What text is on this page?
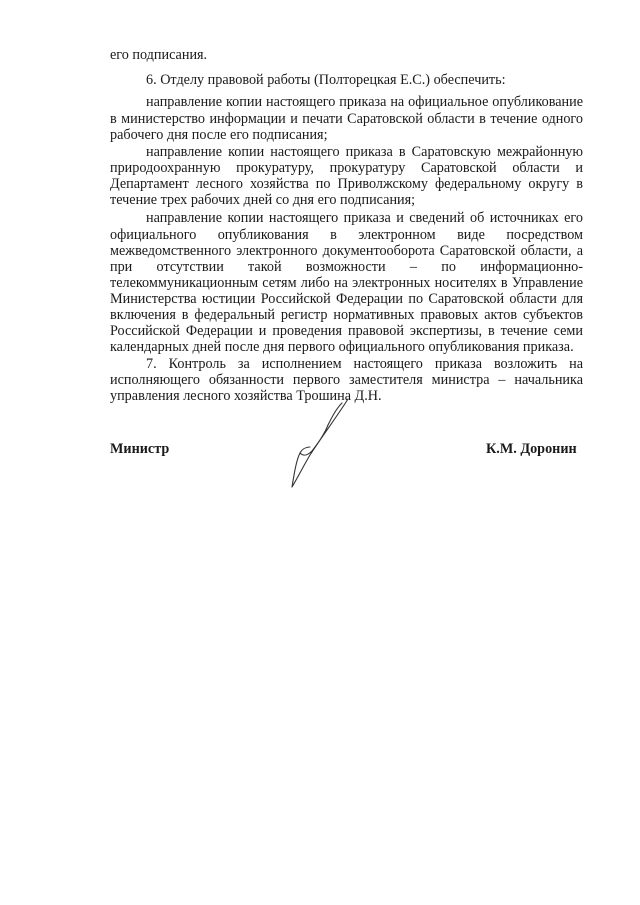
его подписания.
6. Отделу правовой работы (Полторецкая Е.С.) обеспечить:
направление копии настоящего приказа на официальное опубликование
в министерство информации и печати Саратовской области в течение одного
рабочего дня после его подписания;
направление копии настоящего приказа в Саратовскую межрайонную
природоохранную прокуратуру, прокуратуру Саратовской области и
Департамент лесного хозяйства по Приволжскому федеральному округу в
течение трех рабочих дней со дня его подписания;
направление копии настоящего приказа и сведений об источниках его
официального опубликования в электронном виде посредством
межведомственного электронного документооборота Саратовской области, а
при отсутствии такой возможности – по информационно-
телекоммуникационным сетям либо на электронных носителях в Управление
Министерства юстиции Российской Федерации по Саратовской области для
включения в федеральный регистр нормативных правовых актов субъектов
Российской Федерации и проведения правовой экспертизы, в течение семи
календарных дней после дня первого официального опубликования приказа.
7. Контроль за исполнением настоящего приказа возложить на
исполняющего обязанности первого заместителя министра – начальника
управления лесного хозяйства Трошина Д.Н.
Министр	К.М. Доронин
